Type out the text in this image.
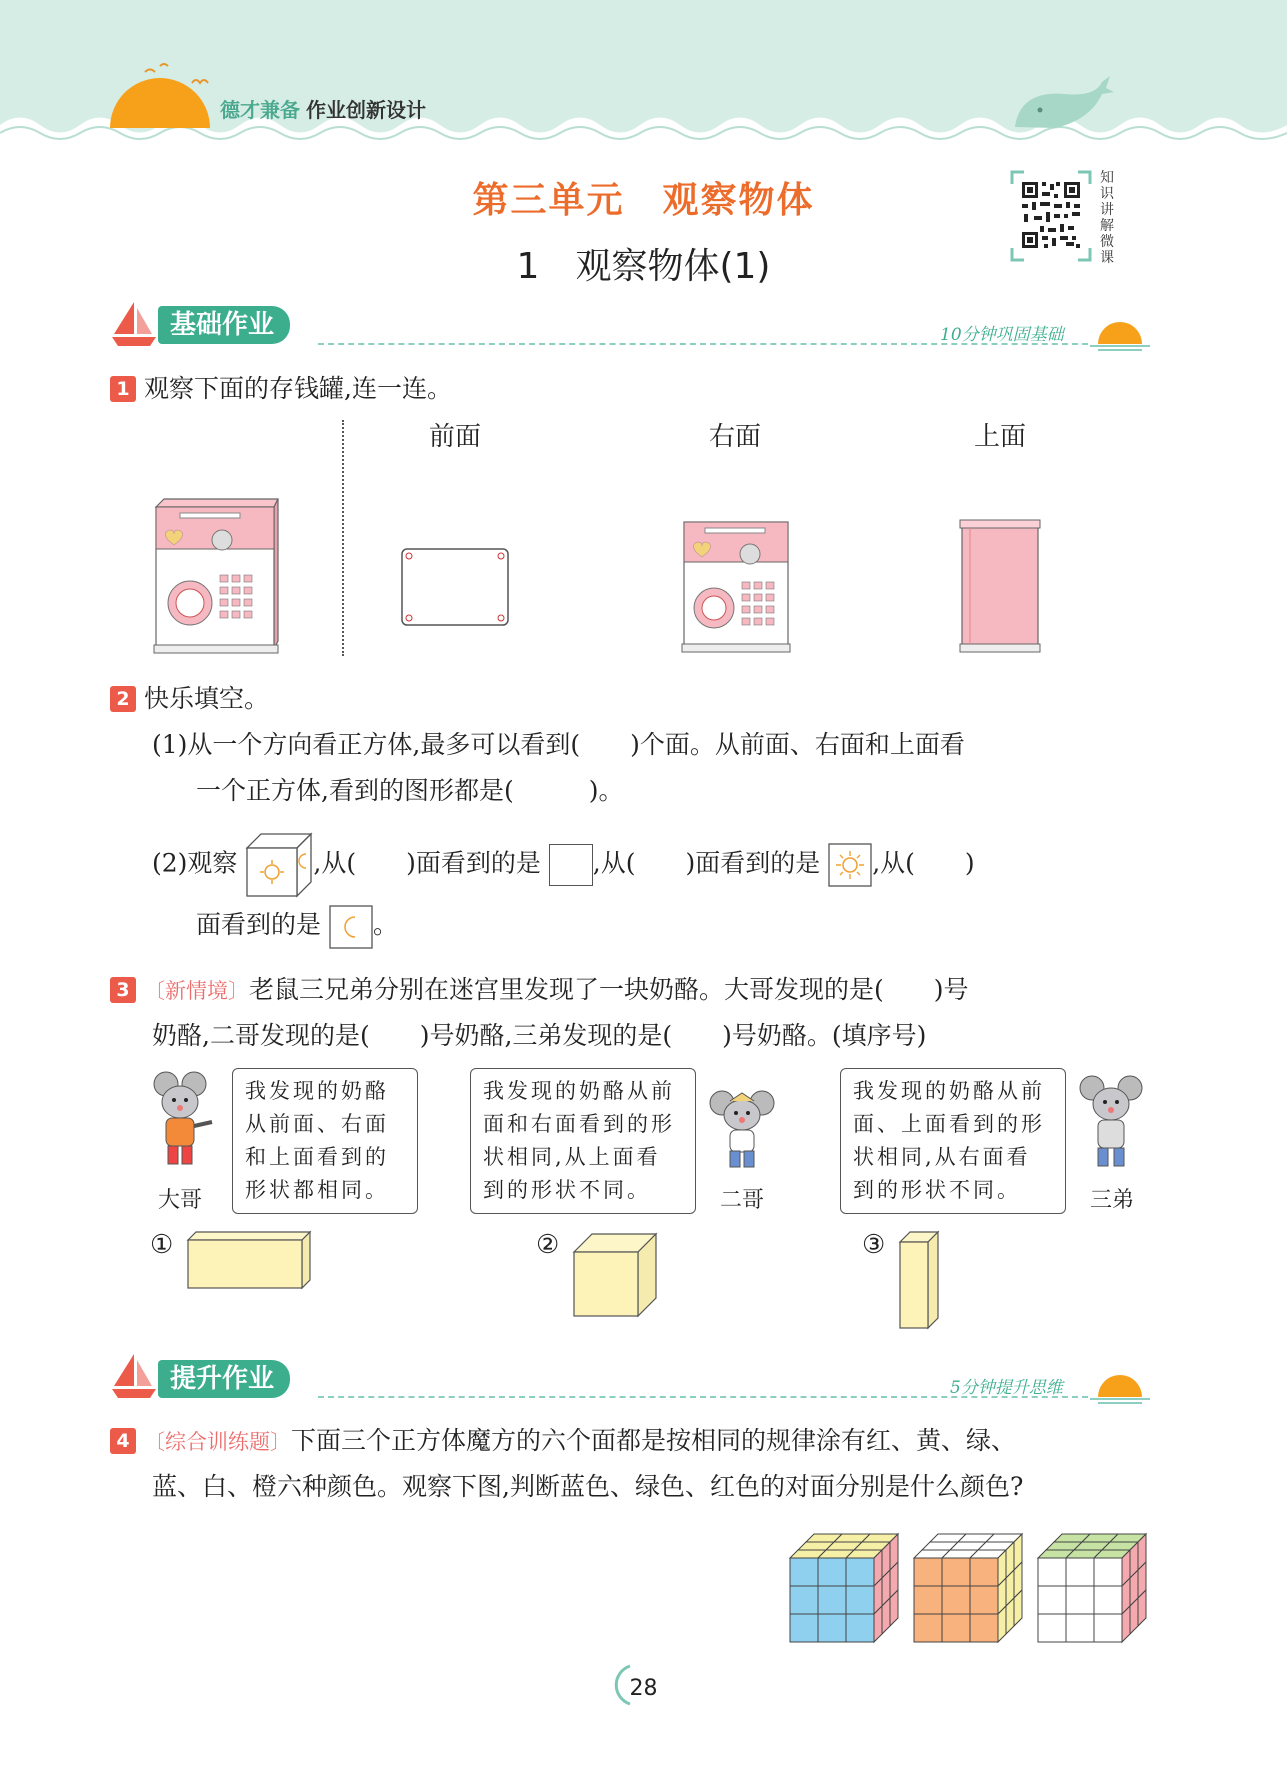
德才兼备 作业创新设计
第三单元　观察物体
1　观察物体(1)
知识讲解微课
基础作业	10分钟巩固基础
1 观察下面的存钱罐,连一连。
前面	右面	上面
2 快乐填空。
(1)从一个方向看正方体,最多可以看到(　　)个面。从前面、右面和上面看
一个正方体,看到的图形都是(　　　)。
(2)观察	,从(　　)面看到的是 ,从(　　)面看到的是 ,从(　　)
面看到的是 。
3 〔新情境〕老鼠三兄弟分别在迷宫里发现了一块奶酪。大哥发现的是(　　)号
奶酪,二哥发现的是(　　)号奶酪,三弟发现的是(　　)号奶酪。(填序号)
大哥
我发现的奶酪
从前面、右面
和上面看到的
形状都相同。
我发现的奶酪从前
面和右面看到的形
状相同,从上面看
到的形状不同。	二哥
我发现的奶酪从前
面、上面看到的形
状相同,从右面看
到的形状不同。	三弟
①	②	③
提升作业	5分钟提升思维
4 〔综合训练题〕下面三个正方体魔方的六个面都是按相同的规律涂有红、黄、绿、
蓝、白、橙六种颜色。观察下图,判断蓝色、绿色、红色的对面分别是什么颜色?
28
